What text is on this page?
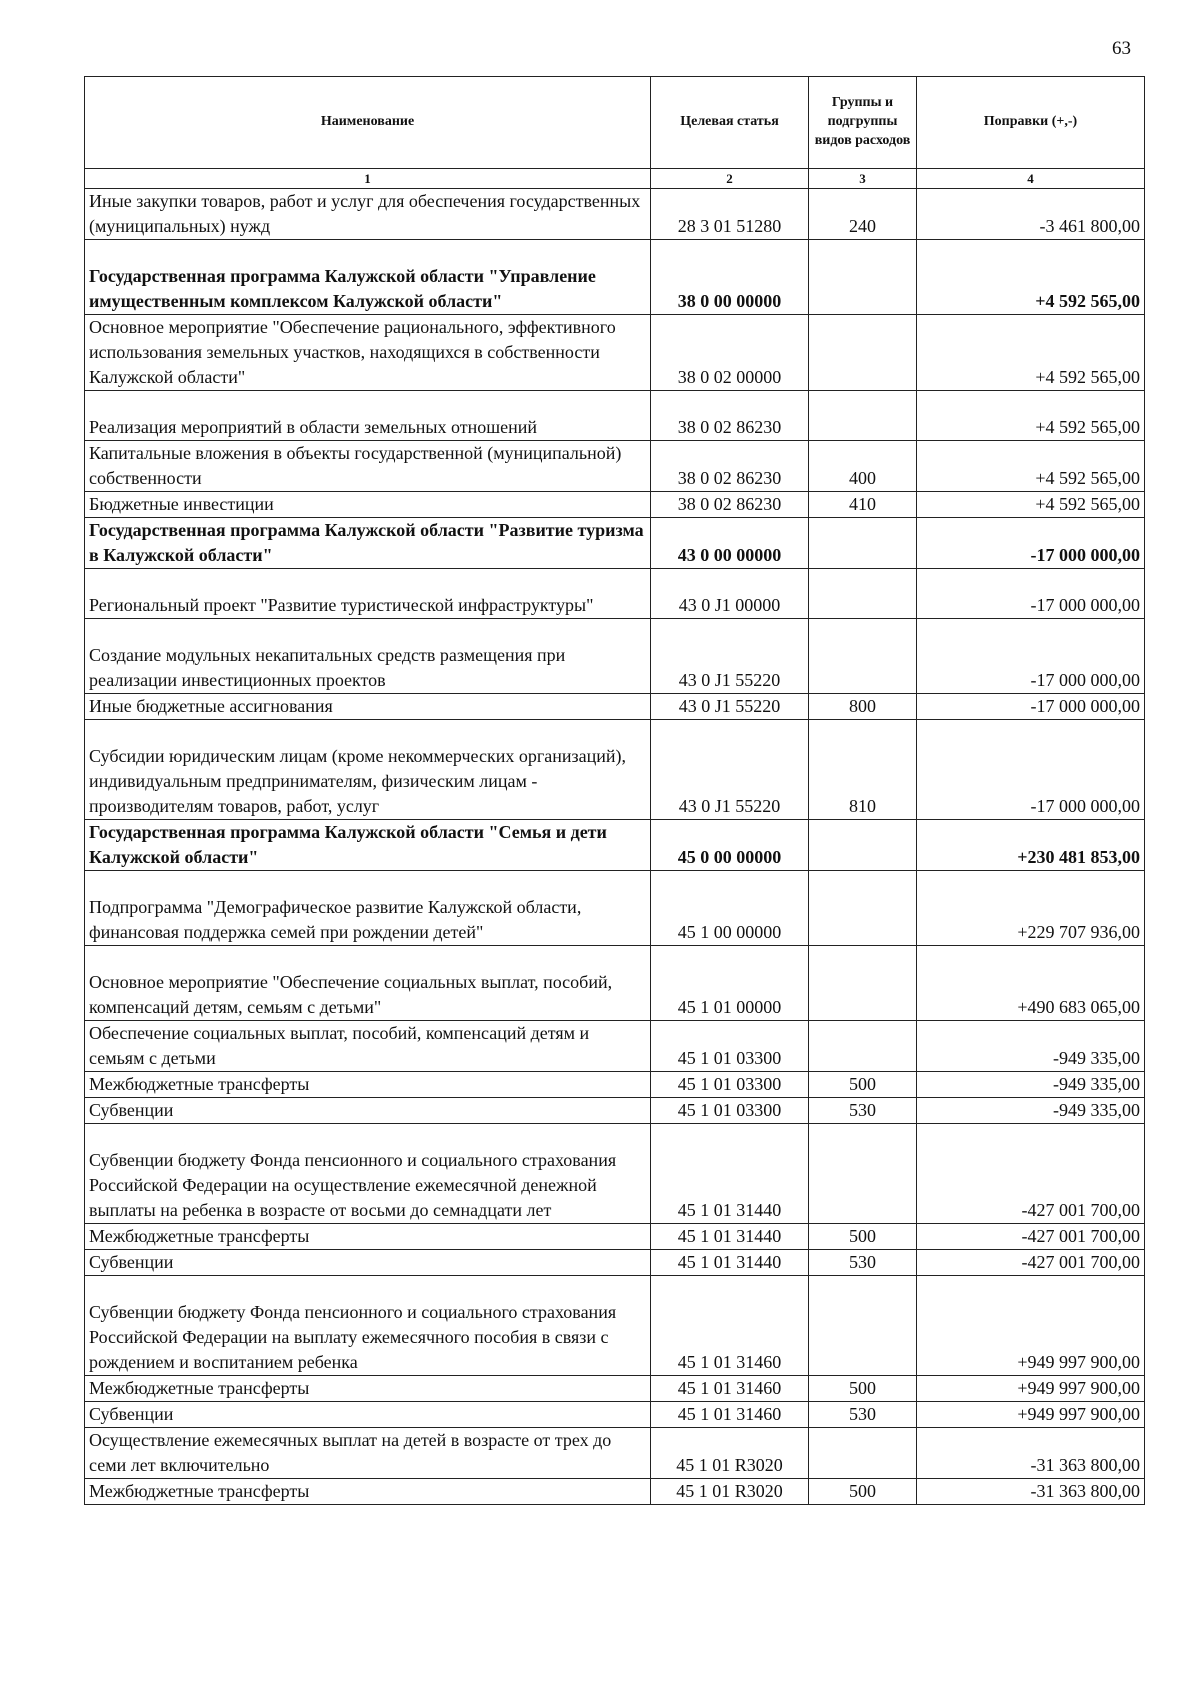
63
Наименование	Целевая статья	Группы и подгруппы видов расходов	Поправки (+,-)
1	2	3	4
Иные закупки товаров, работ и услуг для обеспечения государственных (муниципальных) нужд	28 3 01 51280	240	-3 461 800,00
Государственная программа Калужской области "Управление имущественным комплексом Калужской области"	38 0 00 00000		+4 592 565,00
Основное мероприятие "Обеспечение рационального, эффективного использования земельных участков, находящихся в собственности Калужской области"	38 0 02 00000		+4 592 565,00
Реализация мероприятий в области земельных отношений	38 0 02 86230		+4 592 565,00
Капитальные вложения в объекты государственной (муниципальной) собственности	38 0 02 86230	400	+4 592 565,00
Бюджетные инвестиции	38 0 02 86230	410	+4 592 565,00
Государственная программа Калужской области "Развитие туризма в Калужской области"	43 0 00 00000		-17 000 000,00
Региональный проект "Развитие туристической инфраструктуры"	43 0 J1 00000		-17 000 000,00
Создание модульных некапитальных средств размещения при реализации инвестиционных проектов	43 0 J1 55220		-17 000 000,00
Иные бюджетные ассигнования	43 0 J1 55220	800	-17 000 000,00
Субсидии юридическим лицам (кроме некоммерческих организаций), индивидуальным предпринимателям, физическим лицам - производителям товаров, работ, услуг	43 0 J1 55220	810	-17 000 000,00
Государственная программа Калужской области "Семья и дети Калужской области"	45 0 00 00000		+230 481 853,00
Подпрограмма "Демографическое развитие Калужской области, финансовая поддержка семей при рождении детей"	45 1 00 00000		+229 707 936,00
Основное мероприятие "Обеспечение социальных выплат, пособий, компенсаций детям, семьям с детьми"	45 1 01 00000		+490 683 065,00
Обеспечение социальных выплат, пособий, компенсаций детям и семьям с детьми	45 1 01 03300		-949 335,00
Межбюджетные трансферты	45 1 01 03300	500	-949 335,00
Субвенции	45 1 01 03300	530	-949 335,00
Субвенции бюджету Фонда пенсионного и социального страхования Российской Федерации на осуществление ежемесячной денежной выплаты на ребенка в возрасте от восьми до семнадцати лет	45 1 01 31440		-427 001 700,00
Межбюджетные трансферты	45 1 01 31440	500	-427 001 700,00
Субвенции	45 1 01 31440	530	-427 001 700,00
Субвенции бюджету Фонда пенсионного и социального страхования Российской Федерации на выплату ежемесячного пособия в связи с рождением и воспитанием ребенка	45 1 01 31460		+949 997 900,00
Межбюджетные трансферты	45 1 01 31460	500	+949 997 900,00
Субвенции	45 1 01 31460	530	+949 997 900,00
Осуществление ежемесячных выплат на детей в возрасте от трех до семи лет включительно	45 1 01 R3020		-31 363 800,00
Межбюджетные трансферты	45 1 01 R3020	500	-31 363 800,00
